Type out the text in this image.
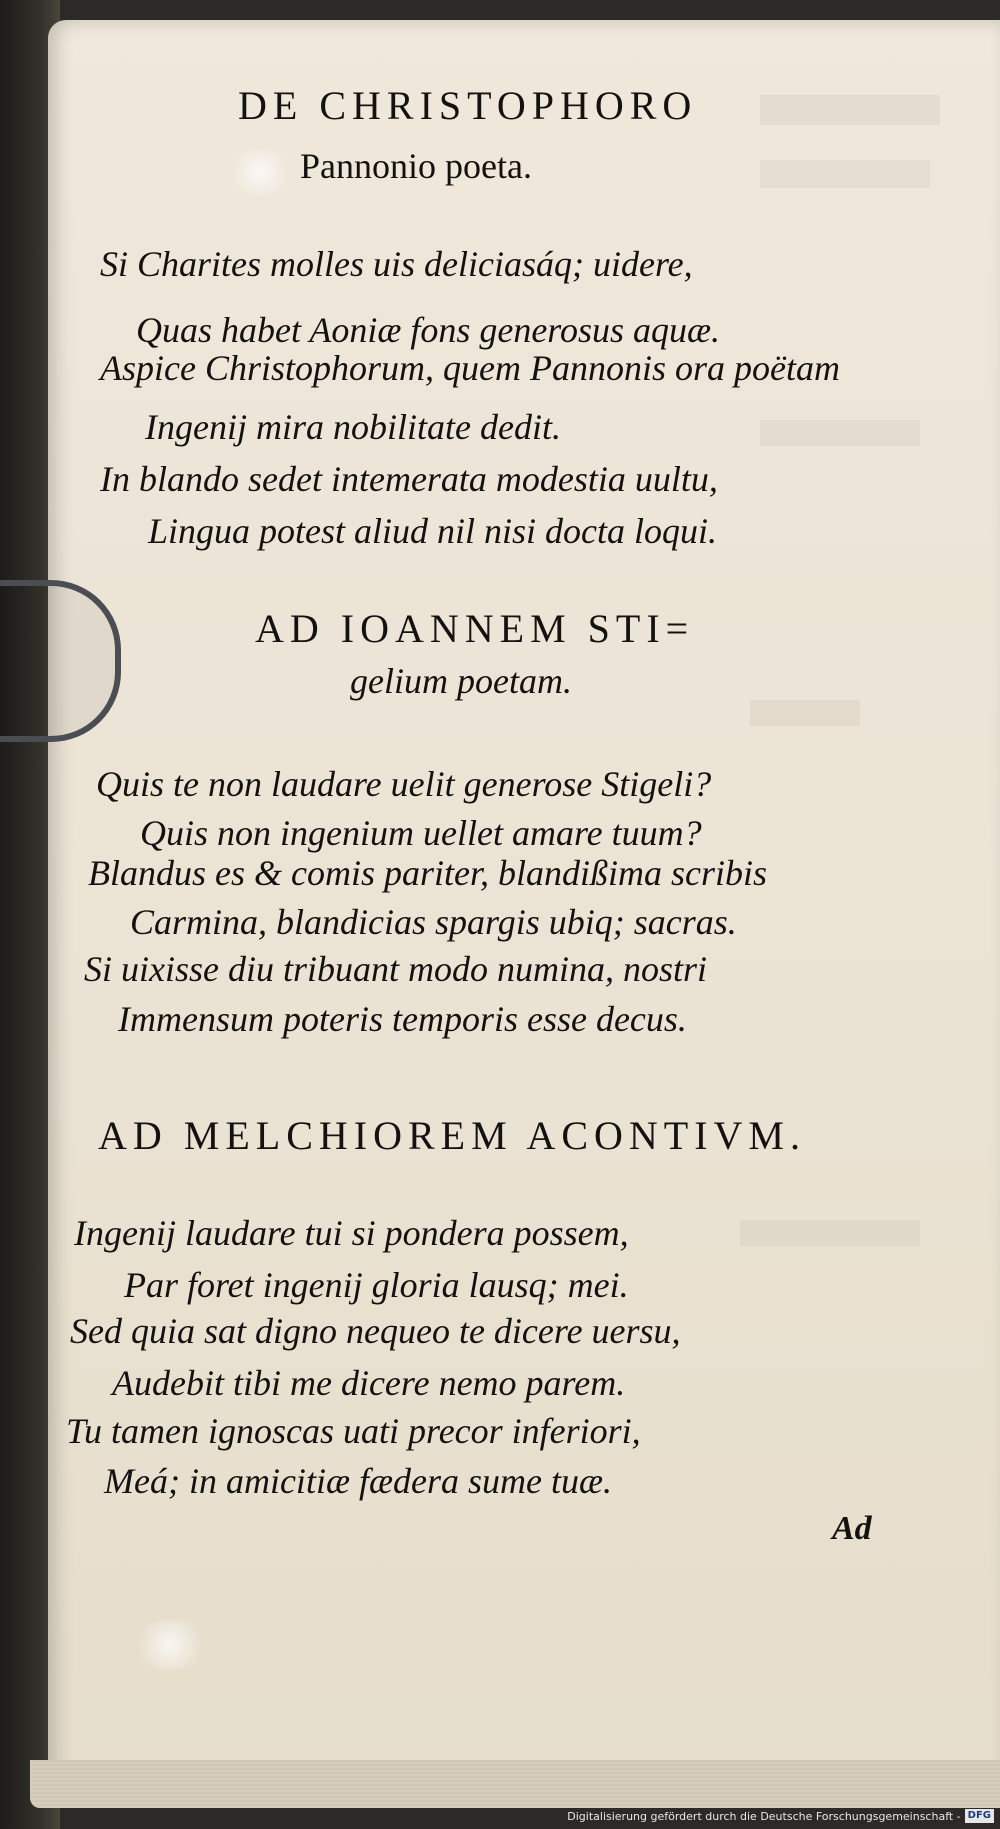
DE CHRISTOPHORO
Pannonio poeta.
Si Charites molles uis deliciasáq; uidere,
Quas habet Aoniæ fons generosus aquæ.
Aspice Christophorum, quem Pannonis ora poëtam
Ingenij mira nobilitate dedit.
In blando sedet intemerata modestia uultu,
Lingua potest aliud nil nisi docta loqui.
AD IOANNEM STI=
gelium poetam.
Quis te non laudare uelit generose Stigeli?
Quis non ingenium uellet amare tuum?
Blandus es & comis pariter, blandißima scribis
Carmina, blandicias spargis ubiq; sacras.
Si uixisse diu tribuant modo numina, nostri
Immensum poteris temporis esse decus.
AD MELCHIOREM ACONTIVM.
Ingenij laudare tui si pondera possem,
Par foret ingenij gloria lausq; mei.
Sed quia sat digno nequeo te dicere uersu,
Audebit tibi me dicere nemo parem.
Tu tamen ignoscas uati precor inferiori,
Meá; in amicitiæ fædera sume tuæ.
Ad
Digitalisierung gefördert durch die Deutsche Forschungsgemeinschaft - DFG
